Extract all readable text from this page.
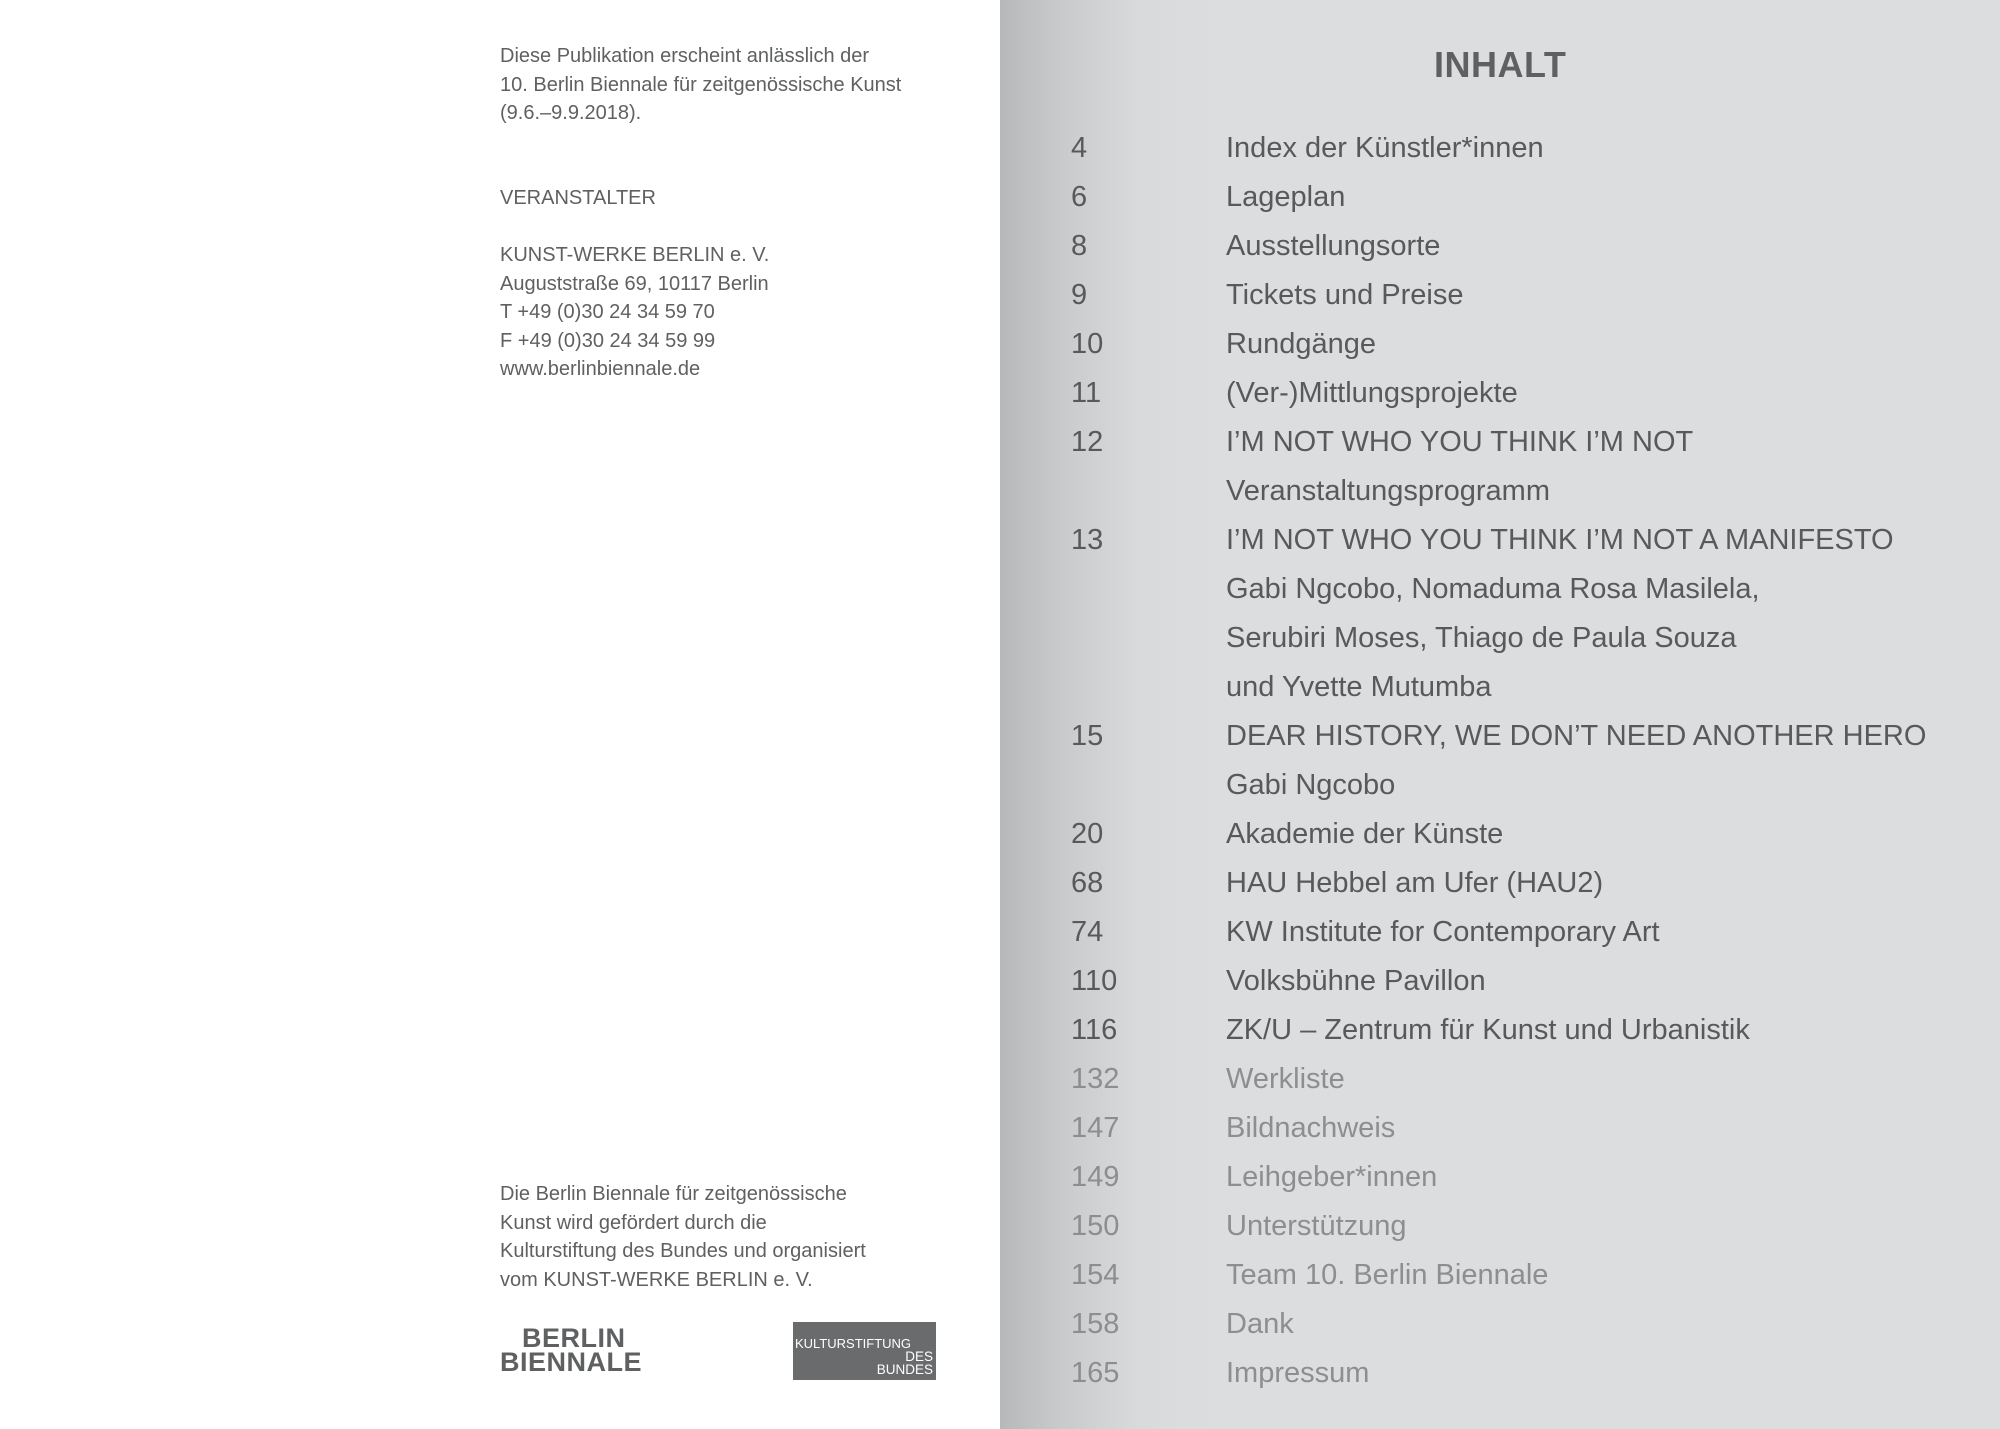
Diese Publikation erscheint anlässlich der
10. Berlin Biennale für zeitgenössische Kunst
(9.6.–9.9.2018).
VERANSTALTER
KUNST-WERKE BERLIN e. V.
Auguststraße 69, 10117 Berlin
T +49 (0)30 24 34 59 70
F +49 (0)30 24 34 59 99
www.berlinbiennale.de
Die Berlin Biennale für zeitgenössische
Kunst wird gefördert durch die
Kulturstiftung des Bundes und organisiert
vom KUNST-WERKE BERLIN e. V.
BERLIN
BIENNALE
KULTURSTIFTUNG
DES
BUNDES
INHALT
4	Index der Künstler*innen
6	Lageplan
8	Ausstellungsorte
9	Tickets und Preise
10	Rundgänge
11	(Ver-)Mittlungsprojekte
12	I’M NOT WHO YOU THINK I’M NOT
Veranstaltungsprogramm
13	I’M NOT WHO YOU THINK I’M NOT A MANIFESTO
Gabi Ngcobo, Nomaduma Rosa Masilela,
Serubiri Moses, Thiago de Paula Souza
und Yvette Mutumba
15	DEAR HISTORY, WE DON’T NEED ANOTHER HERO
Gabi Ngcobo
20	Akademie der Künste
68	HAU Hebbel am Ufer (HAU2)
74	KW Institute for Contemporary Art
110	Volksbühne Pavillon
116	ZK/U – Zentrum für Kunst und Urbanistik
132	Werkliste
147	Bildnachweis
149	Leihgeber*innen
150	Unterstützung
154	Team 10. Berlin Biennale
158	Dank
165	Impressum
